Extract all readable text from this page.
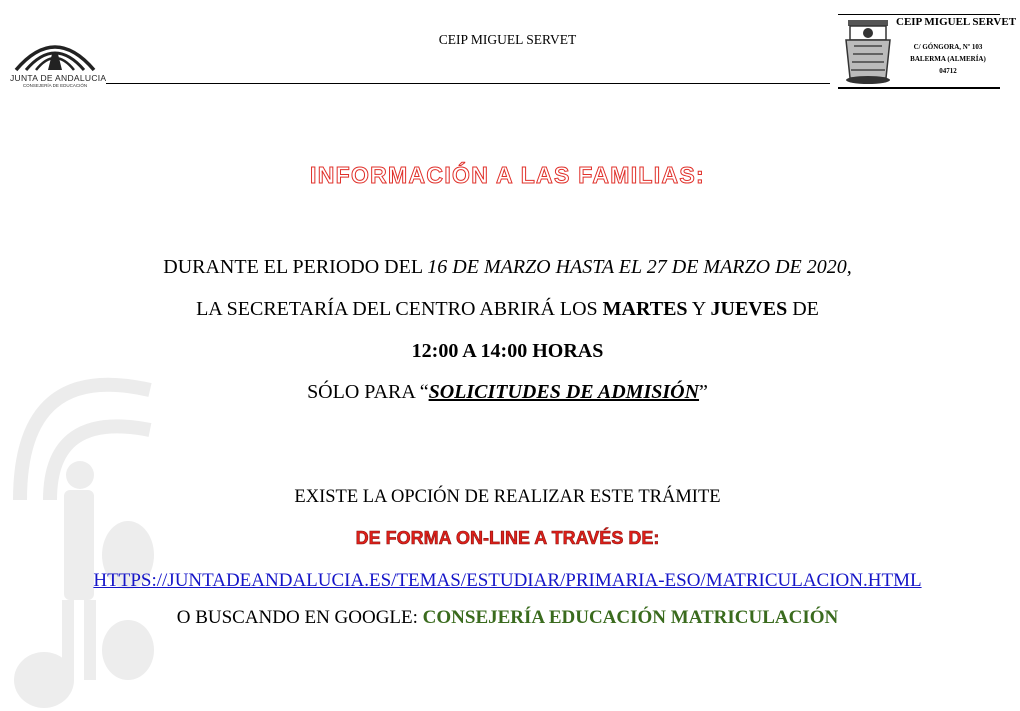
JUNTA DE ANDALUCIA
CONSEJERÍA DE EDUCACIÓN
CEIP MIGUEL SERVET
CEIP MIGUEL SERVET
C/ GÓNGORA, Nº 103
BALERMA (ALMERÍA)
04712
INFORMACIÓN A LAS FAMILIAS:
DURANTE EL PERIODO DEL 16 DE MARZO HASTA EL 27 DE MARZO DE 2020,
LA SECRETARÍA DEL CENTRO ABRIRÁ LOS MARTES Y JUEVES DE
12:00 A 14:00 HORAS
SÓLO PARA “SOLICITUDES DE ADMISIÓN”
EXISTE LA OPCIÓN DE REALIZAR ESTE TRÁMITE
DE FORMA ON-LINE A TRAVÉS DE:
HTTPS://JUNTADEANDALUCIA.ES/TEMAS/ESTUDIAR/PRIMARIA-ESO/MATRICULACION.HTML
O BUSCANDO EN GOOGLE: CONSEJERÍA EDUCACIÓN MATRICULACIÓN
